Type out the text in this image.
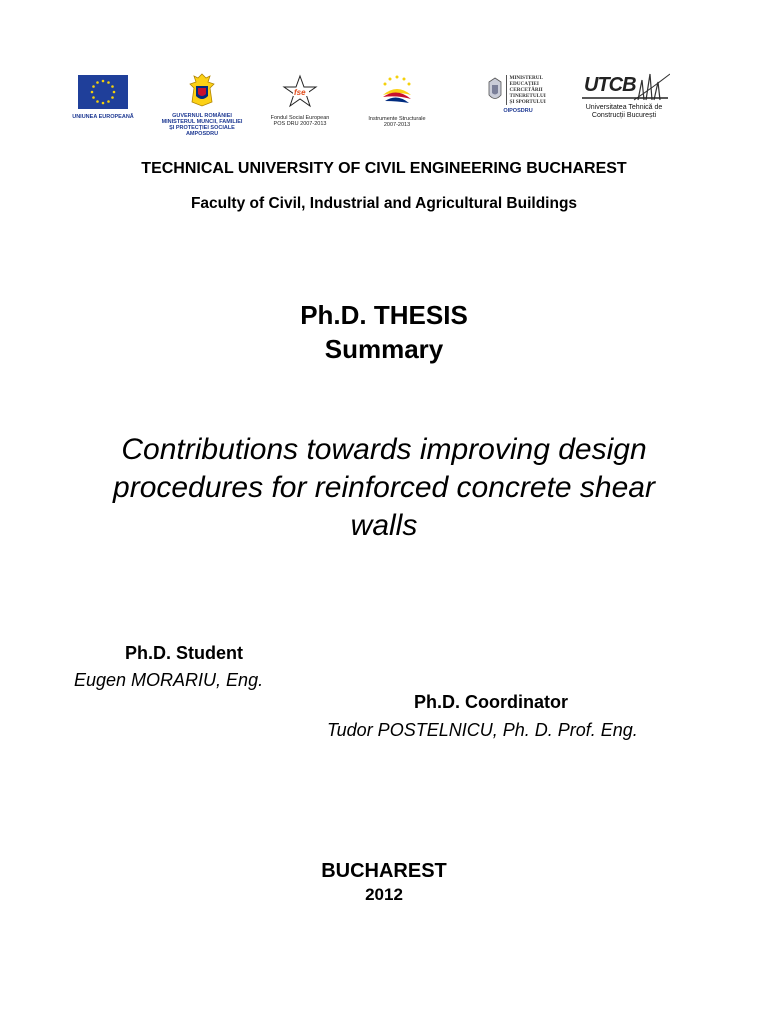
UNIUNEA EUROPEANĂ	GUVERNUL ROMÂNIEI MINISTERUL MUNCII, FAMILIEI ȘI PROTECȚIEI SOCIALE AMPOSDRU
fse
Fondul Social European POS DRU 2007-2013
Instrumente Structurale 2007-2013
MINISTERUL EDUCAȚIEI CERCETĂRII TINERETULUI ȘI SPORTULUI
OIPOSDRU
UTCB
Universitatea Tehnică de Construcții București
TECHNICAL UNIVERSITY OF CIVIL ENGINEERING BUCHAREST
Faculty of Civil, Industrial and Agricultural Buildings
Ph.D. THESIS
Summary
Contributions towards improving design
procedures for reinforced concrete shear
walls
Ph.D. Student
Eugen MORARIU, Eng.
Ph.D. Coordinator
Tudor POSTELNICU, Ph. D. Prof. Eng.
BUCHAREST
2012
